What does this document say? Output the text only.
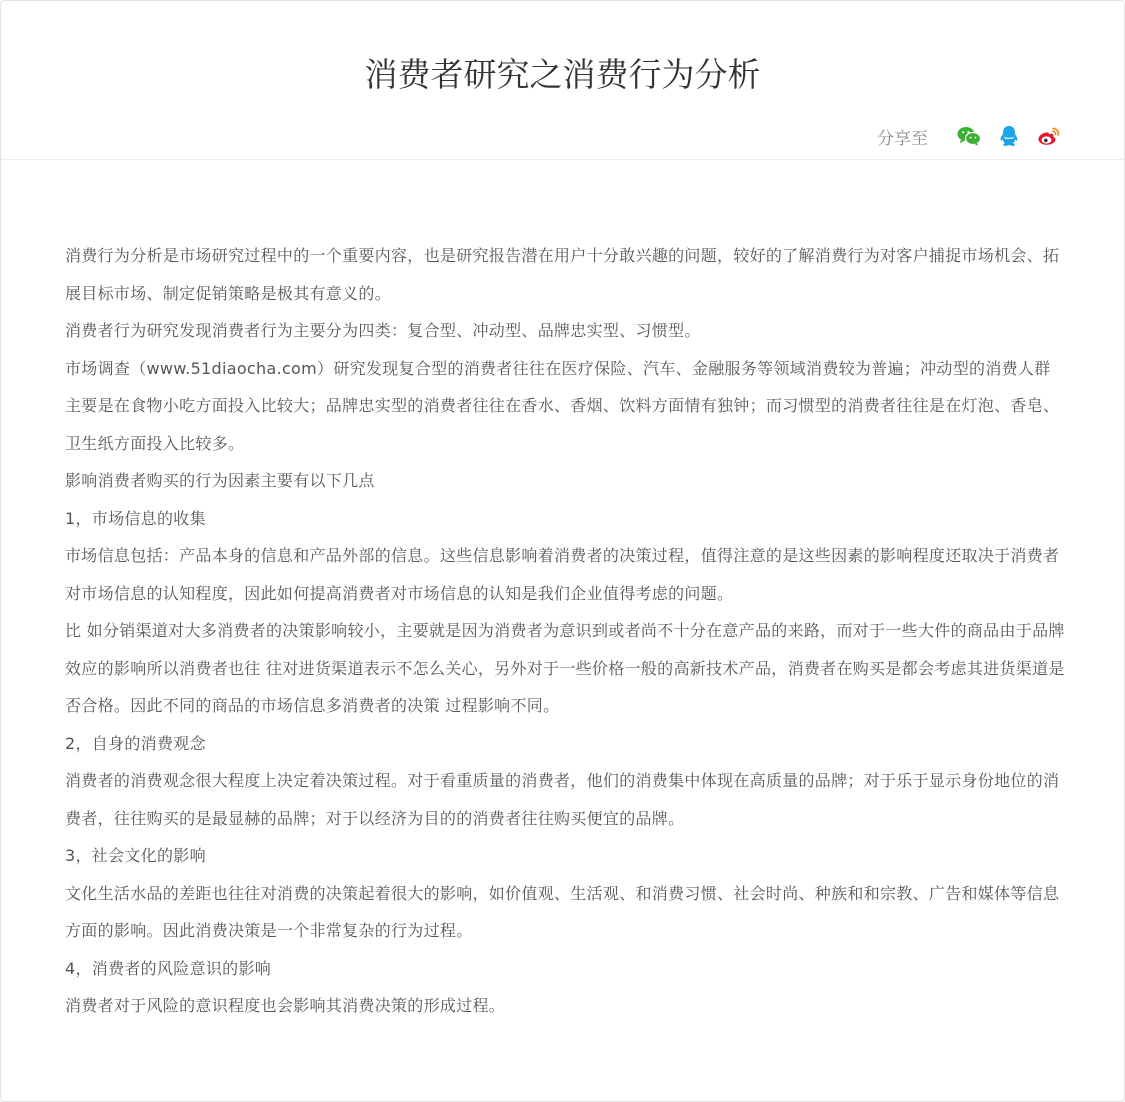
消费者研究之消费行为分析
分享至

消费行为分析是市场研究过程中的一个重要内容，也是研究报告潜在用户十分敢兴趣的问题，较好的了解消费行为对客户捕捉市场机会、拓展目标市场、制定促销策略是极其有意义的。

消费者行为研究发现消费者行为主要分为四类：复合型、冲动型、品牌忠实型、习惯型。

市场调查（www.51diaocha.com）研究发现复合型的消费者往往在医疗保险、汽车、金融服务等领域消费较为普遍；冲动型的消费人群主要是在食物小吃方面投入比较大；品牌忠实型的消费者往往在香水、香烟、饮料方面情有独钟；而习惯型的消费者往往是在灯泡、香皂、卫生纸方面投入比较多。

影响消费者购买的行为因素主要有以下几点

1，市场信息的收集

市场信息包括：产品本身的信息和产品外部的信息。这些信息影响着消费者的决策过程，值得注意的是这些因素的影响程度还取决于消费者对市场信息的认知程度，因此如何提高消费者对市场信息的认知是我们企业值得考虑的问题。

比 如分销渠道对大多消费者的决策影响较小，主要就是因为消费者为意识到或者尚不十分在意产品的来路，而对于一些大件的商品由于品牌效应的影响所以消费者也往 往对进货渠道表示不怎么关心，另外对于一些价格一般的高新技术产品，消费者在购买是都会考虑其进货渠道是否合格。因此不同的商品的市场信息多消费者的决策 过程影响不同。

2，自身的消费观念

消费者的消费观念很大程度上决定着决策过程。对于看重质量的消费者，他们的消费集中体现在高质量的品牌；对于乐于显示身份地位的消费者，往往购买的是最显赫的品牌；对于以经济为目的的消费者往往购买便宜的品牌。

3，社会文化的影响

文化生活水品的差距也往往对消费的决策起着很大的影响，如价值观、生活观、和消费习惯、社会时尚、种族和和宗教、广告和媒体等信息方面的影响。因此消费决策是一个非常复杂的行为过程。

4，消费者的风险意识的影响

消费者对于风险的意识程度也会影响其消费决策的形成过程。
